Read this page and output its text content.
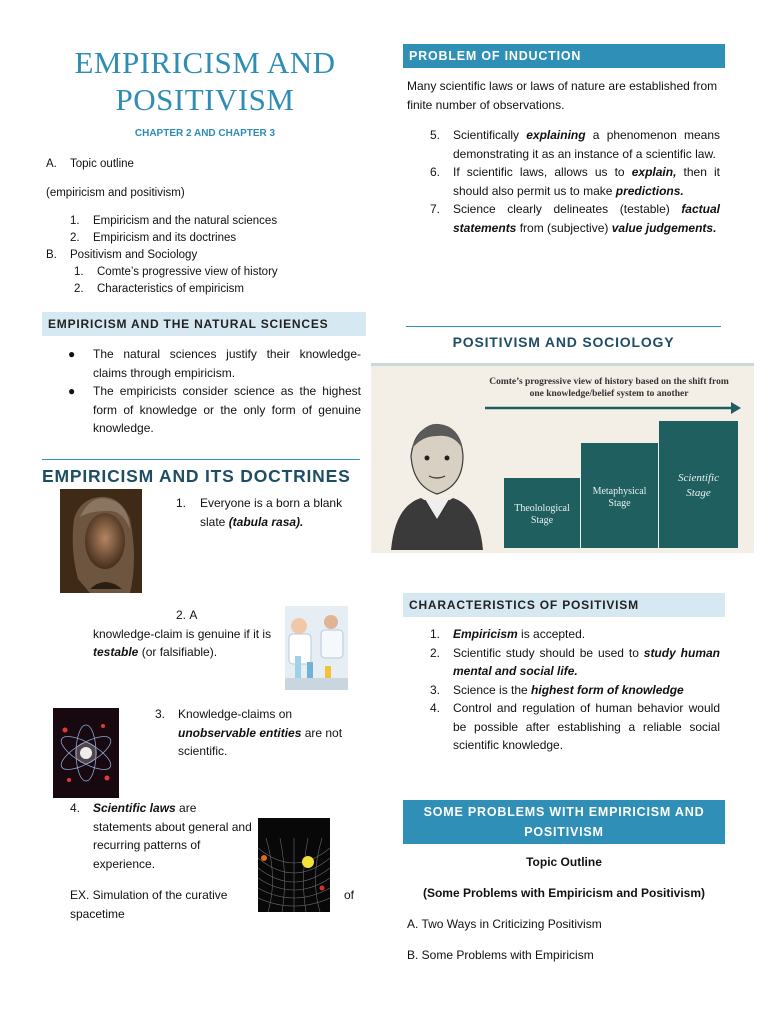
EMPIRICISM AND
POSITIVISM
CHAPTER 2 AND CHAPTER 3
A. Topic outline
(empiricism and positivism)
1. Empiricism and the natural sciences
2. Empiricism and its doctrines
B. Positivism and Sociology
1. Comte’s progressive view of history
2. Characteristics of empiricism
EMPIRICISM AND THE NATURAL SCIENCES
● The natural sciences justify their knowledge-claims through empiricism.
● The empiricists consider science as the highest form of knowledge or the only form of genuine knowledge.
EMPIRICISM AND ITS DOCTRINES
1.	Everyone is a born a blank slate (tabula rasa).
2. A
knowledge-claim is genuine if it is testable (or falsifiable).
3.	Knowledge-claims on unobservable entities are not scientific.
4.	Scientific laws are statements about general and recurring patterns of experience.
EX. Simulation of the curative	of
spacetime
PROBLEM OF INDUCTION
Many scientific laws or laws of nature are established from finite number of observations.
5. Scientifically explaining a phenomenon means demonstrating it as an instance of a scientific law.
6. If scientific laws, allows us to explain, then it should also permit us to make predictions.
7. Science clearly delineates (testable) factual statements from (subjective) value judgements.
POSITIVISM AND SOCIOLOGY
Comte’s progressive view of history based on the shift from one knowledge/belief system to another
Theolological Stage
Metaphysical Stage
Scientific Stage
CHARACTERISTICS OF POSITIVISM
1. Empiricism is accepted.
2. Scientific study should be used to study human mental and social life.
3. Science is the highest form of knowledge
4. Control and regulation of human behavior would be possible after establishing a reliable social scientific knowledge.
SOME PROBLEMS WITH EMPIRICISM AND POSITIVISM
Topic Outline
(Some Problems with Empiricism and Positivism)
A. Two Ways in Criticizing Positivism
B. Some Problems with Empiricism
